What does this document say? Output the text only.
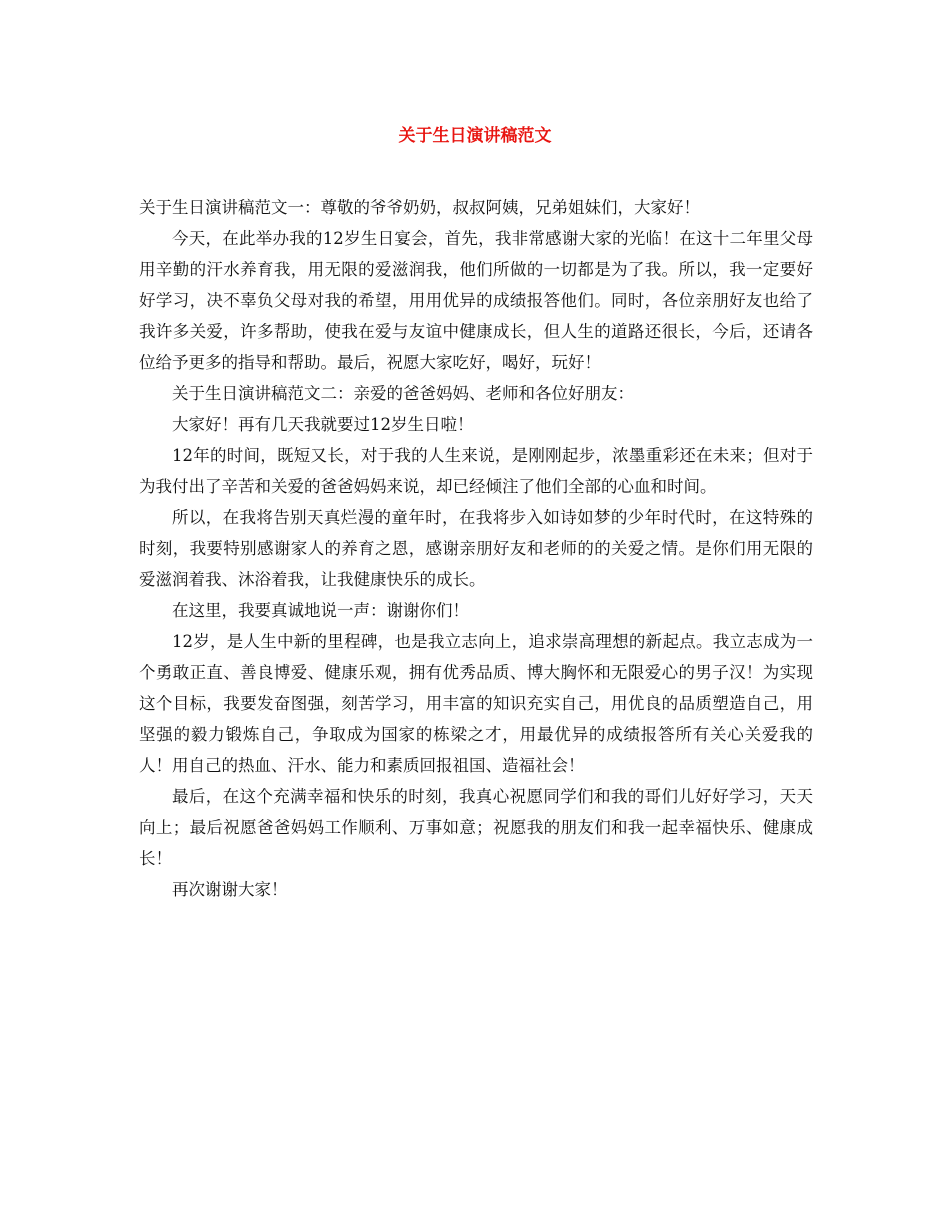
关于生日演讲稿范文

关于生日演讲稿范文一：尊敬的爷爷奶奶，叔叔阿姨，兄弟姐妹们，大家好！

今天，在此举办我的12岁生日宴会，首先，我非常感谢大家的光临！在这十二年里父母用辛勤的汗水养育我，用无限的爱滋润我，他们所做的一切都是为了我。所以，我一定要好好学习，决不辜负父母对我的希望，用用优异的成绩报答他们。同时，各位亲朋好友也给了我许多关爱，许多帮助，使我在爱与友谊中健康成长，但人生的道路还很长，今后，还请各位给予更多的指导和帮助。最后，祝愿大家吃好，喝好，玩好！

关于生日演讲稿范文二：亲爱的爸爸妈妈、老师和各位好朋友：

大家好！再有几天我就要过12岁生日啦！

12年的时间，既短又长，对于我的人生来说，是刚刚起步，浓墨重彩还在未来；但对于为我付出了辛苦和关爱的爸爸妈妈来说，却已经倾注了他们全部的心血和时间。

所以，在我将告别天真烂漫的童年时，在我将步入如诗如梦的少年时代时，在这特殊的时刻，我要特别感谢家人的养育之恩，感谢亲朋好友和老师的的关爱之情。是你们用无限的爱滋润着我、沐浴着我，让我健康快乐的成长。

在这里，我要真诚地说一声：谢谢你们！

12岁，是人生中新的里程碑，也是我立志向上，追求崇高理想的新起点。我立志成为一个勇敢正直、善良博爱、健康乐观，拥有优秀品质、博大胸怀和无限爱心的男子汉！为实现这个目标，我要发奋图强，刻苦学习，用丰富的知识充实自己，用优良的品质塑造自己，用坚强的毅力锻炼自己，争取成为国家的栋梁之才，用最优异的成绩报答所有关心关爱我的人！用自己的热血、汗水、能力和素质回报祖国、造福社会！

最后，在这个充满幸福和快乐的时刻，我真心祝愿同学们和我的哥们儿好好学习，天天向上；最后祝愿爸爸妈妈工作顺利、万事如意；祝愿我的朋友们和我一起幸福快乐、健康成长！

再次谢谢大家！
